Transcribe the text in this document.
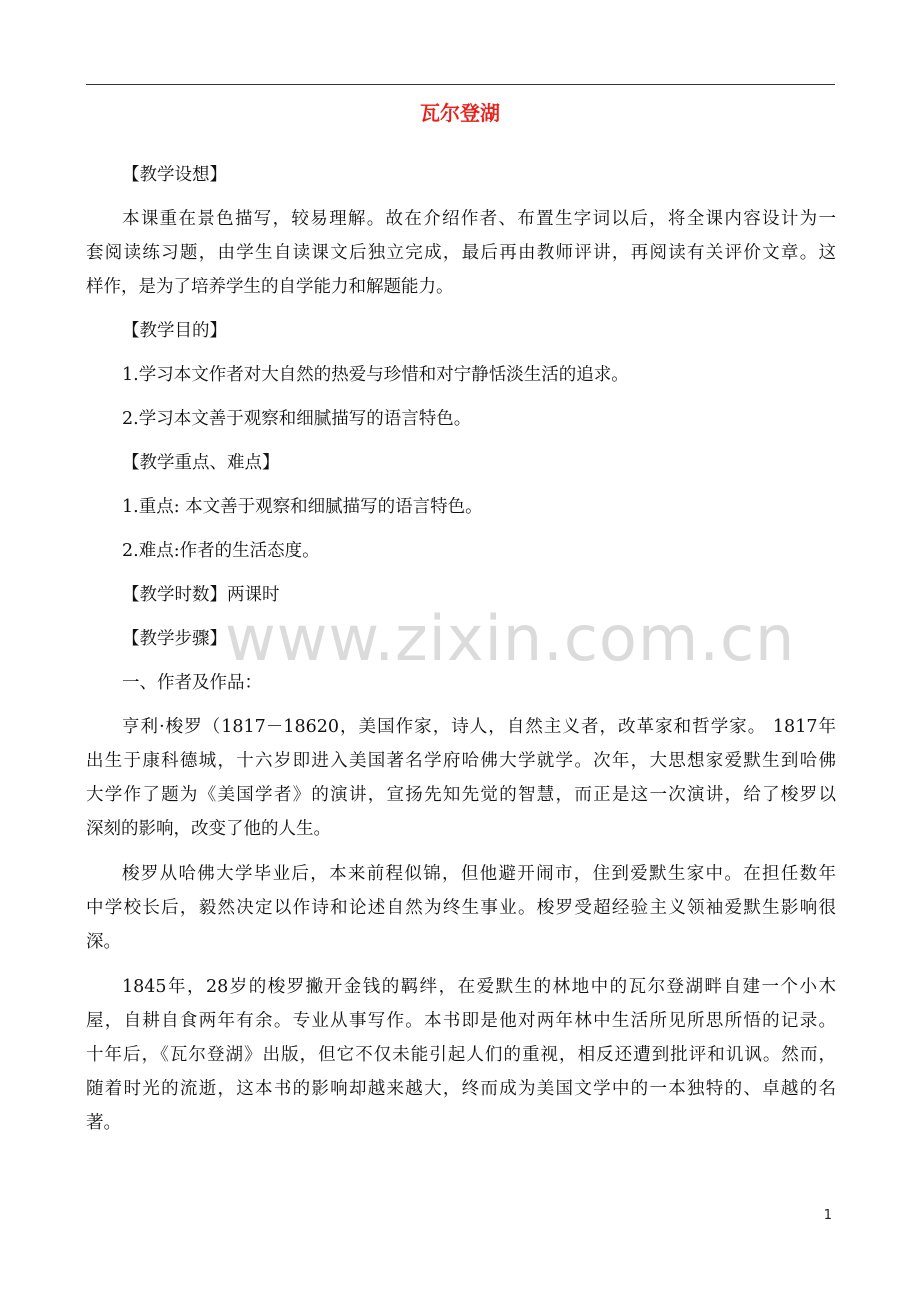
瓦尔登湖
【教学设想】
本课重在景色描写，较易理解。故在介绍作者、布置生字词以后，将全课内容设计为一
套阅读练习题，由学生自读课文后独立完成，最后再由教师评讲，再阅读有关评价文章。这
样作，是为了培养学生的自学能力和解题能力。
【教学目的】
1.学习本文作者对大自然的热爱与珍惜和对宁静恬淡生活的追求。
2.学习本文善于观察和细腻描写的语言特色。
【教学重点、难点】
1.重点: 本文善于观察和细腻描写的语言特色。
2.难点:作者的生活态度。
【教学时数】两课时
【教学步骤】
一、作者及作品：
亨利·梭罗（1817－18620，美国作家，诗人，自然主义者，改革家和哲学家。 1817年
出生于康科德城，十六岁即进入美国著名学府哈佛大学就学。次年，大思想家爱默生到哈佛
大学作了题为《美国学者》的演讲，宣扬先知先觉的智慧，而正是这一次演讲，给了梭罗以
深刻的影响，改变了他的人生。
梭罗从哈佛大学毕业后，本来前程似锦，但他避开闹市，住到爱默生家中。在担任数年
中学校长后，毅然决定以作诗和论述自然为终生事业。梭罗受超经验主义领袖爱默生影响很
深。
1845年，28岁的梭罗撇开金钱的羁绊，在爱默生的林地中的瓦尔登湖畔自建一个小木
屋，自耕自食两年有余。专业从事写作。本书即是他对两年林中生活所见所思所悟的记录。
十年后，《瓦尔登湖》出版，但它不仅未能引起人们的重视，相反还遭到批评和讥讽。然而，
随着时光的流逝，这本书的影响却越来越大，终而成为美国文学中的一本独特的、卓越的名
著。
www.zixin.com.cn
1
